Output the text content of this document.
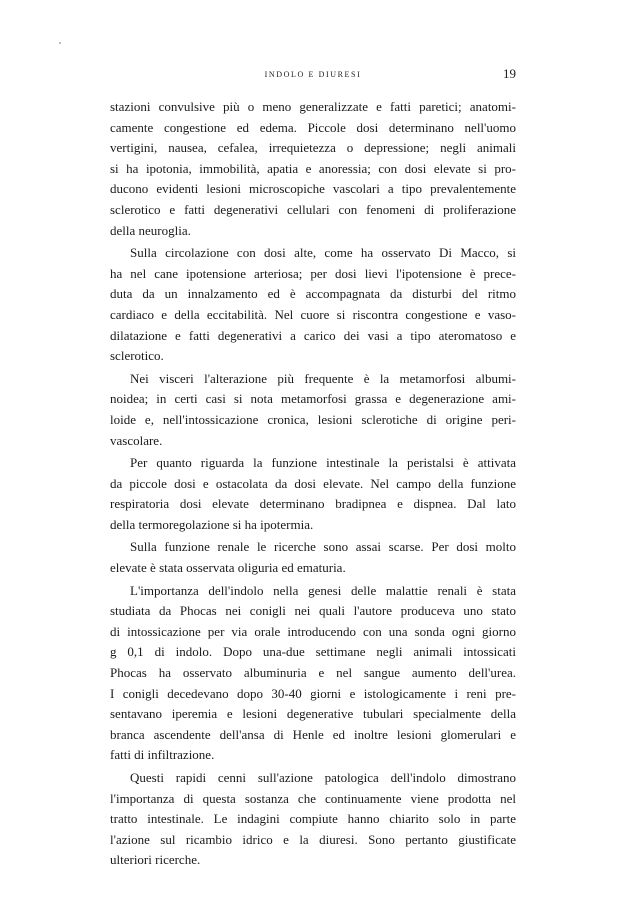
INDOLO E DIURESI	19
stazioni convulsive più o meno generalizzate e fatti paretici; anatomi-
camente congestione ed edema. Piccole dosi determinano nell'uomo
vertigini, nausea, cefalea, irrequietezza o depressione; negli animali
si ha ipotonia, immobilità, apatia e anoressia; con dosi elevate si pro-
ducono evidenti lesioni microscopiche vascolari a tipo prevalentemente
sclerotico e fatti degenerativi cellulari con fenomeni di proliferazione
della neuroglia.
Sulla circolazione con dosi alte, come ha osservato Di Macco, si
ha nel cane ipotensione arteriosa; per dosi lievi l'ipotensione è prece-
duta da un innalzamento ed è accompagnata da disturbi del ritmo
cardiaco e della eccitabilità. Nel cuore si riscontra congestione e vaso-
dilatazione e fatti degenerativi a carico dei vasi a tipo ateromatoso e
sclerotico.
Nei visceri l'alterazione più frequente è la metamorfosi albumi-
noidea; in certi casi si nota metamorfosi grassa e degenerazione ami-
loide e, nell'intossicazione cronica, lesioni sclerotiche di origine peri-
vascolare.
Per quanto riguarda la funzione intestinale la peristalsi è attivata
da piccole dosi e ostacolata da dosi elevate. Nel campo della funzione
respiratoria dosi elevate determinano bradipnea e dispnea. Dal lato
della termoregolazione si ha ipotermia.
Sulla funzione renale le ricerche sono assai scarse. Per dosi molto
elevate è stata osservata oliguria ed ematuria.
L'importanza dell'indolo nella genesi delle malattie renali è stata
studiata da Phocas nei conigli nei quali l'autore produceva uno stato
di intossicazione per via orale introducendo con una sonda ogni giorno
g 0,1 di indolo. Dopo una-due settimane negli animali intossicati
Phocas ha osservato albuminuria e nel sangue aumento dell'urea.
I conigli decedevano dopo 30-40 giorni e istologicamente i reni pre-
sentavano iperemia e lesioni degenerative tubulari specialmente della
branca ascendente dell'ansa di Henle ed inoltre lesioni glomerulari e
fatti di infiltrazione.
Questi rapidi cenni sull'azione patologica dell'indolo dimostrano
l'importanza di questa sostanza che continuamente viene prodotta nel
tratto intestinale. Le indagini compiute hanno chiarito solo in parte
l'azione sul ricambio idrico e la diuresi. Sono pertanto giustificate
ulteriori ricerche.
